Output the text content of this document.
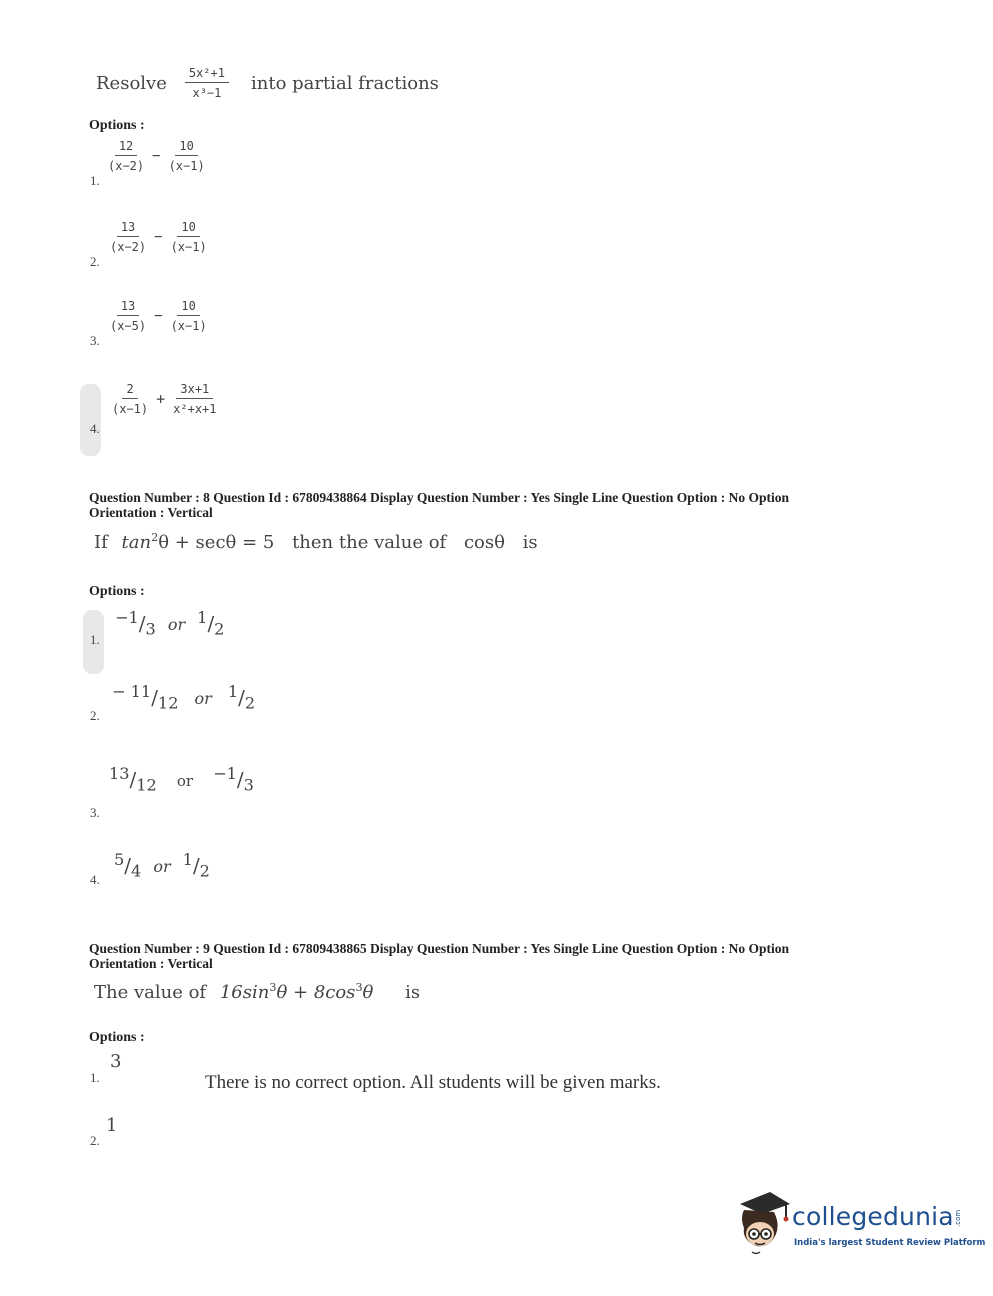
Resolve $\frac{\text{5x²+1}}{\text{x³−1}}$ into partial fractions
Options :
1.
$\frac{12}{(x-2)} - \frac{10}{(x-1)}$
2.
$\frac{13}{(x-2)} - \frac{10}{(x-1)}$
3.
$\frac{13}{(x-5)} - \frac{10}{(x-1)}$
4.
$\frac{2}{(x-1)} + \frac{3x+1}{\text{x²+x+1}}$
Question Number : 8 Question Id : 67809438864 Display Question Number : Yes Single Line Question Option : No Option
Orientation : Vertical
If $\tan^2\theta + \sec\theta = 5$ then the value of cosθ is
Options :
1.
$^{-1}/_3$ or $^1/_2$
2.
$^{- 11}/_{12}$ or $^1/_2$
3.
$^{13}/_{12}$ or $^{-1}/_3$
4.
$^5/_4$ or $^1/_2$
Question Number : 9 Question Id : 67809438865 Display Question Number : Yes Single Line Question Option : No Option
Orientation : Vertical
The value of $16\sin^3\theta + 8\cos^3\theta$ is
Options :
1.
3
There is no correct option. All students will be given marks.
2.
1
collegedunia.com
India's largest Student Review Platform
